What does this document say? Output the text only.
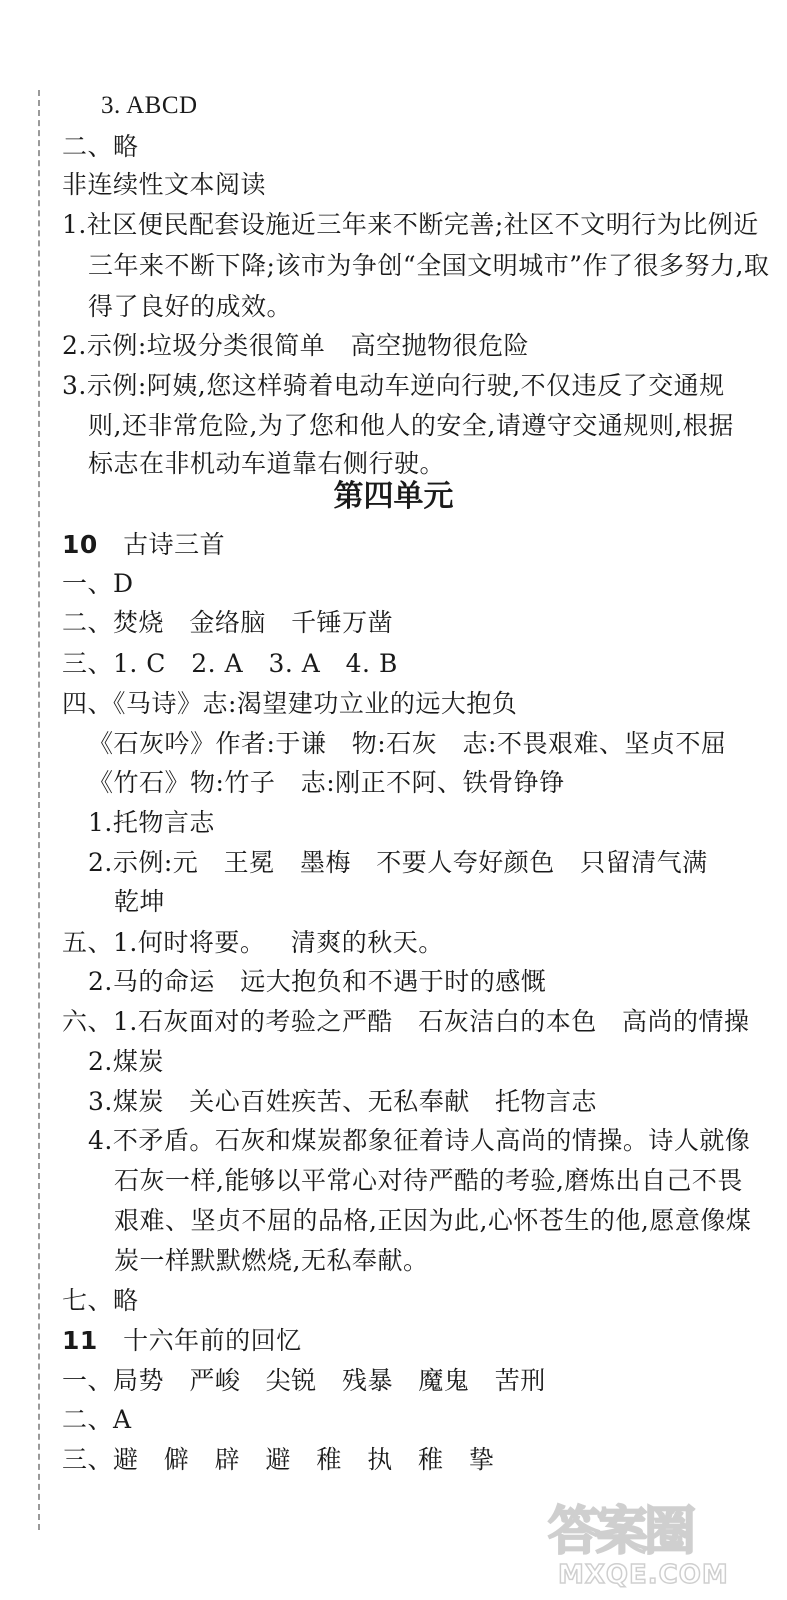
3. ABCD
二、略
非连续性文本阅读
1.社区便民配套设施近三年来不断完善;社区不文明行为比例近
三年来不断下降;该市为争创“全国文明城市”作了很多努力,取
得了良好的成效。
2.示例:垃圾分类很简单   高空抛物很危险
3.示例:阿姨,您这样骑着电动车逆向行驶,不仅违反了交通规
则,还非常危险,为了您和他人的安全,请遵守交通规则,根据
标志在非机动车道靠右侧行驶。
第四单元
10 古诗三首
一、D
二、焚烧   金络脑   千锤万凿
三、1. C   2. A   3. A   4. B
四、《马诗》志:渴望建功立业的远大抱负
《石灰吟》作者:于谦   物:石灰   志:不畏艰难、坚贞不屈
《竹石》物:竹子   志:刚正不阿、铁骨铮铮
1.托物言志
2.示例:元   王冕   墨梅   不要人夸好颜色   只留清气满
乾坤
五、1.何时将要。   清爽的秋天。
2.马的命运   远大抱负和不遇于时的感慨
六、1.石灰面对的考验之严酷   石灰洁白的本色   高尚的情操
2.煤炭
3.煤炭   关心百姓疾苦、无私奉献   托物言志
4.不矛盾。石灰和煤炭都象征着诗人高尚的情操。诗人就像
石灰一样,能够以平常心对待严酷的考验,磨炼出自己不畏
艰难、坚贞不屈的品格,正因为此,心怀苍生的他,愿意像煤
炭一样默默燃烧,无私奉献。
七、略
11 十六年前的回忆
一、局势   严峻   尖锐   残暴   魔鬼   苦刑
二、A
三、避   僻   辟   避   稚   执   稚   挚
答案圈
MXQE.COM
